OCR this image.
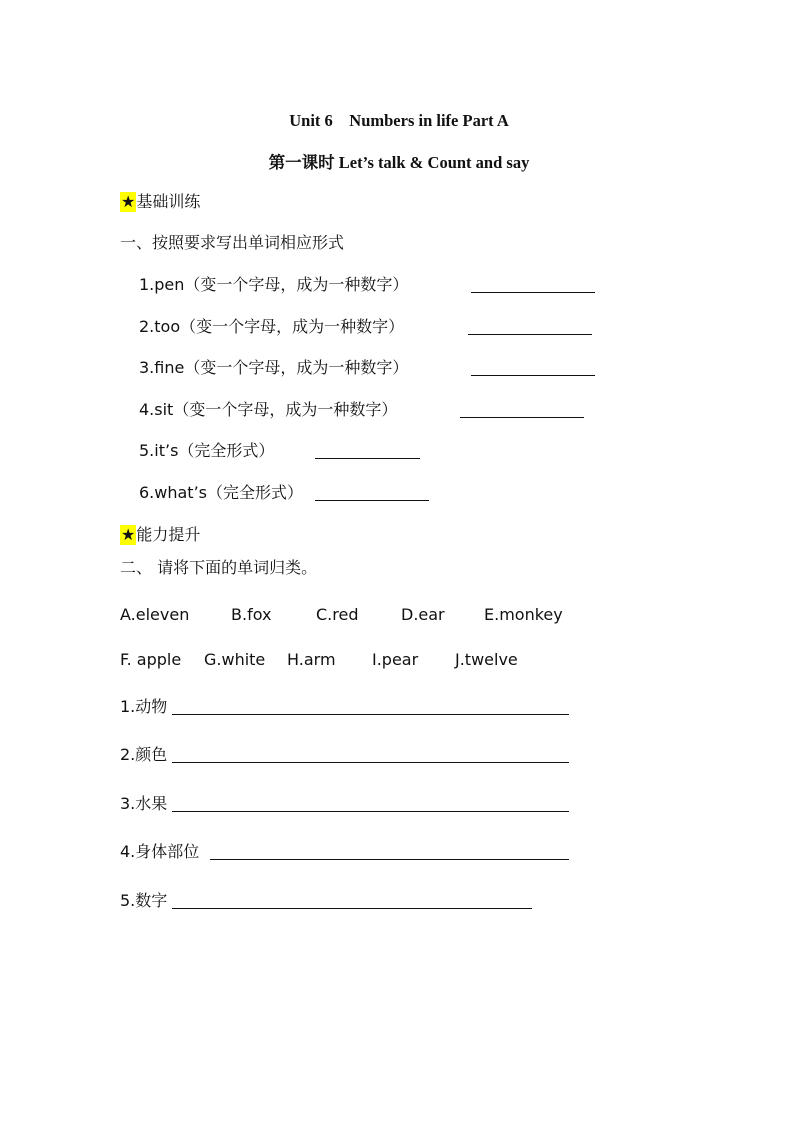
Unit 6　Numbers in life Part A
第一课时 Let’s talk & Count and say
★基础训练
一、按照要求写出单词相应形式
1.pen（变一个字母，成为一种数字）
2.too（变一个字母，成为一种数字）
3.fine（变一个字母，成为一种数字）
4.sit（变一个字母，成为一种数字）
5.it’s（完全形式）
6.what’s（完全形式）
★能力提升
二、 请将下面的单词归类。
A.eleven	B.fox	C.red	D.ear E.monkey
F. apple G.white H.arm I.pear J.twelve
1.动物
2.颜色
3.水果
4.身体部位
5.数字
